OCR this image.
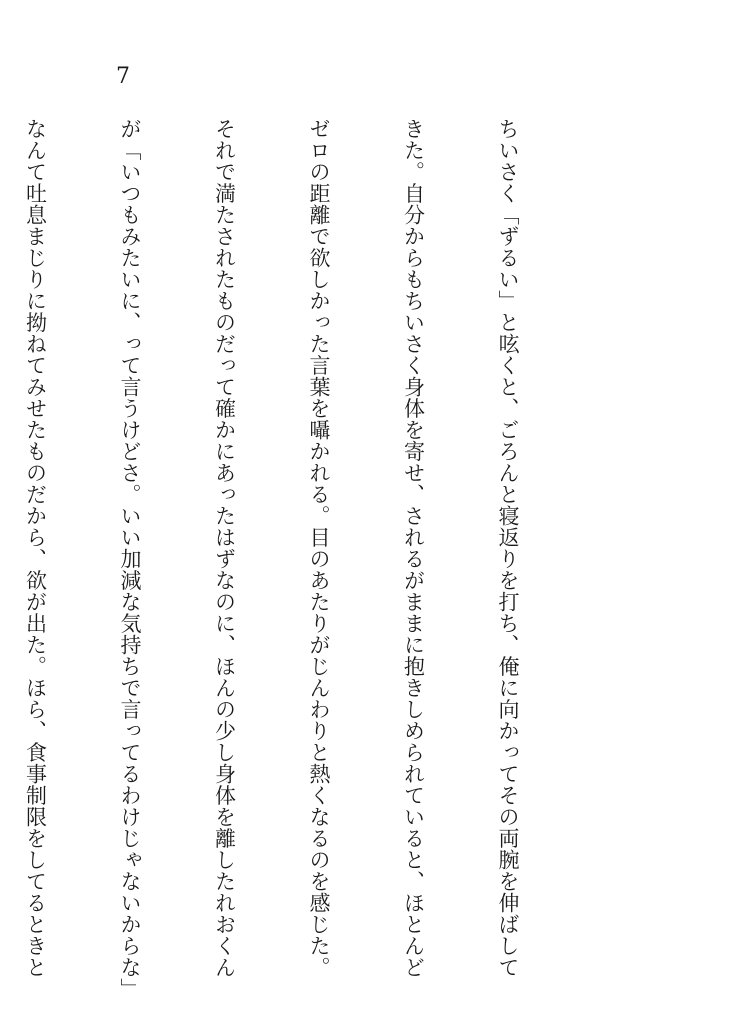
7

ちいさく「ずるい」と呟くと、ごろんと寝返りを打ち、俺に向かってその両腕を伸ばして

きた。自分からもちいさく身体を寄せ、されるがままに抱きしめられていると、ほとんど

ゼロの距離で欲しかった言葉を囁かれる。目のあたりがじんわりと熱くなるのを感じた。

それで満たされたものだって確かにあったはずなのに、ほんの少し身体を離したれおくん

が「いつもみたいに、って言うけどさ。いい加減な気持ちで言ってるわけじゃないからな」

なんて吐息まじりに拗ねてみせたものだから、欲が出た。ほら、食事制限をしてるときと
